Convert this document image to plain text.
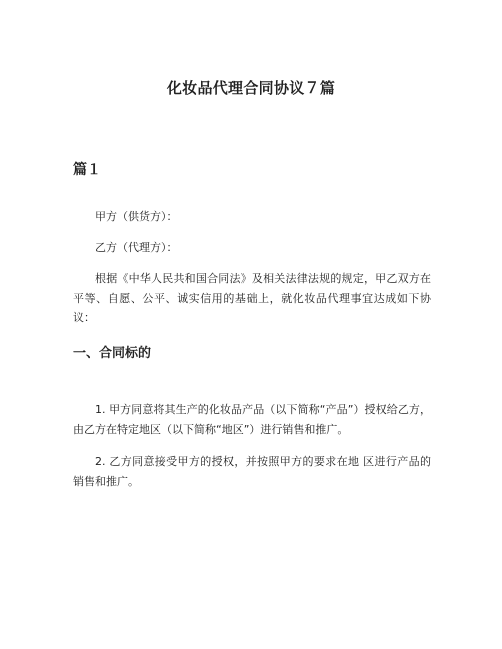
化妆品代理合同协议７篇
篇１

甲方（供货方）：

乙方（代理方）：

根据《中华人民共和国合同法》及相关法律法规的规定，甲乙双方在平等、自愿、公平、诚实信用的基础上，就化妆品代理事宜达成如下协议：

一、合同标的

1. 甲方同意将其生产的化妆品产品（以下简称“产品”）授权给乙方，由乙方在特定地区（以下简称“地区”）进行销售和推广。

2. 乙方同意接受甲方的授权，并按照甲方的要求在地 区进行产品的销售和推广。
